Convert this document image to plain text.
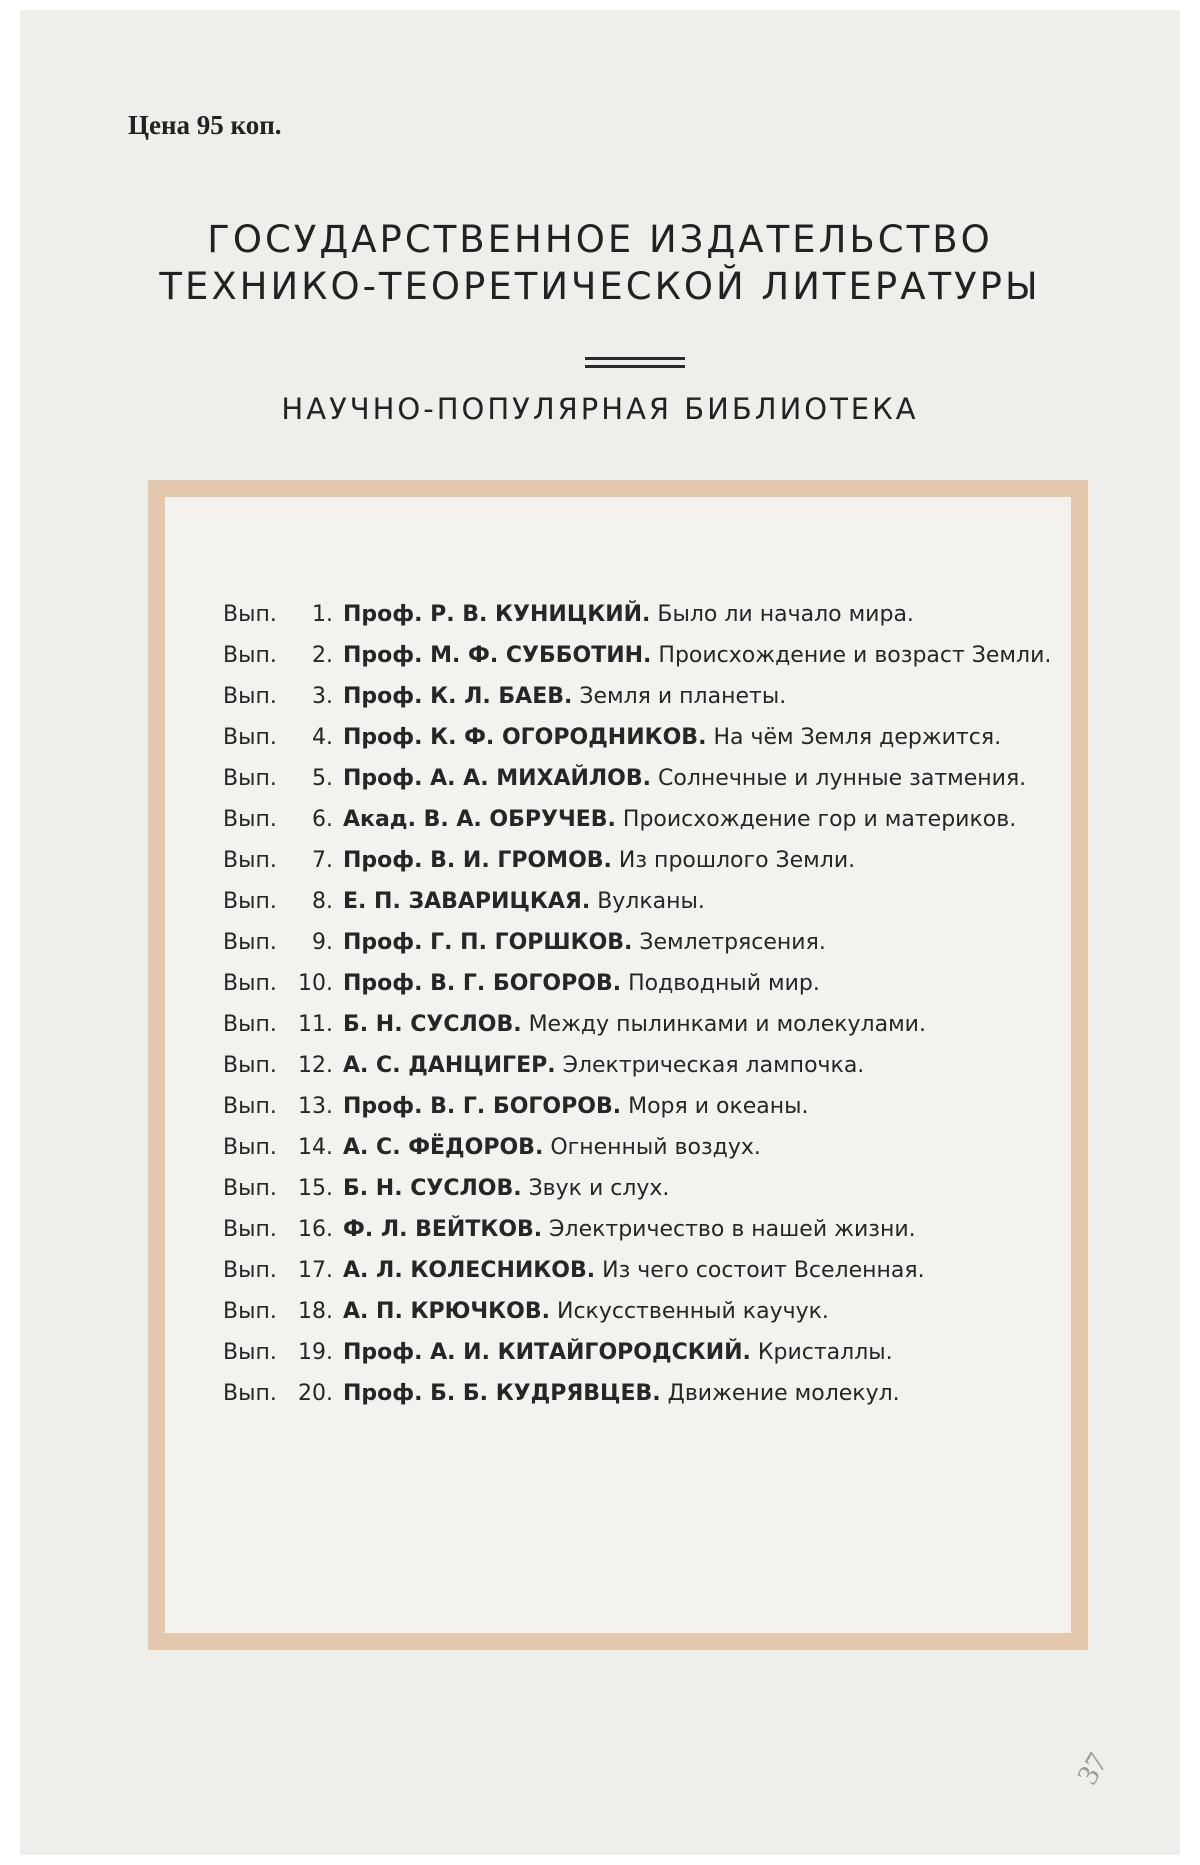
Цена 95 коп.
ГОСУДАРСТВЕННОЕ ИЗДАТЕЛЬСТВО
ТЕХНИКО-ТЕОРЕТИЧЕСКОЙ ЛИТЕРАТУРЫ
НАУЧНО-ПОПУЛЯРНАЯ БИБЛИОТЕКА
Вып.	1. Проф. Р. В. КУНИЦКИЙ. Было ли начало мира.
Вып.	2. Проф. М. Ф. СУББОТИН. Происхождение и возраст Земли.
Вып.	3. Проф. К. Л. БАЕВ. Земля и планеты.
Вып.	4. Проф. К. Ф. ОГОРОДНИКОВ. На чём Земля держится.
Вып.	5. Проф. А. А. МИХАЙЛОВ. Солнечные и лунные затмения.
Вып.	6. Акад. В. А. ОБРУЧЕВ. Происхождение гор и материков.
Вып.	7. Проф. В. И. ГРОМОВ. Из прошлого Земли.
Вып.	8. Е. П. ЗАВАРИЦКАЯ. Вулканы.
Вып.	9. Проф. Г. П. ГОРШКОВ. Землетрясения.
Вып. 10. Проф. В. Г. БОГОРОВ. Подводный мир.
Вып. 11. Б. Н. СУСЛОВ. Между пылинками и молекулами.
Вып. 12. А. С. ДАНЦИГЕР. Электрическая лампочка.
Вып. 13. Проф. В. Г. БОГОРОВ. Моря и океаны.
Вып. 14. А. С. ФЁДОРОВ. Огненный воздух.
Вып. 15. Б. Н. СУСЛОВ. Звук и слух.
Вып. 16. Ф. Л. ВЕЙТКОВ. Электричество в нашей жизни.
Вып. 17. А. Л. КОЛЕСНИКОВ. Из чего состоит Вселенная.
Вып. 18. А. П. КРЮЧКОВ. Искусственный каучук.
Вып. 19. Проф. А. И. КИТАЙГОРОДСКИЙ. Кристаллы.
Вып. 20. Проф. Б. Б. КУДРЯВЦЕВ. Движение молекул.
37
